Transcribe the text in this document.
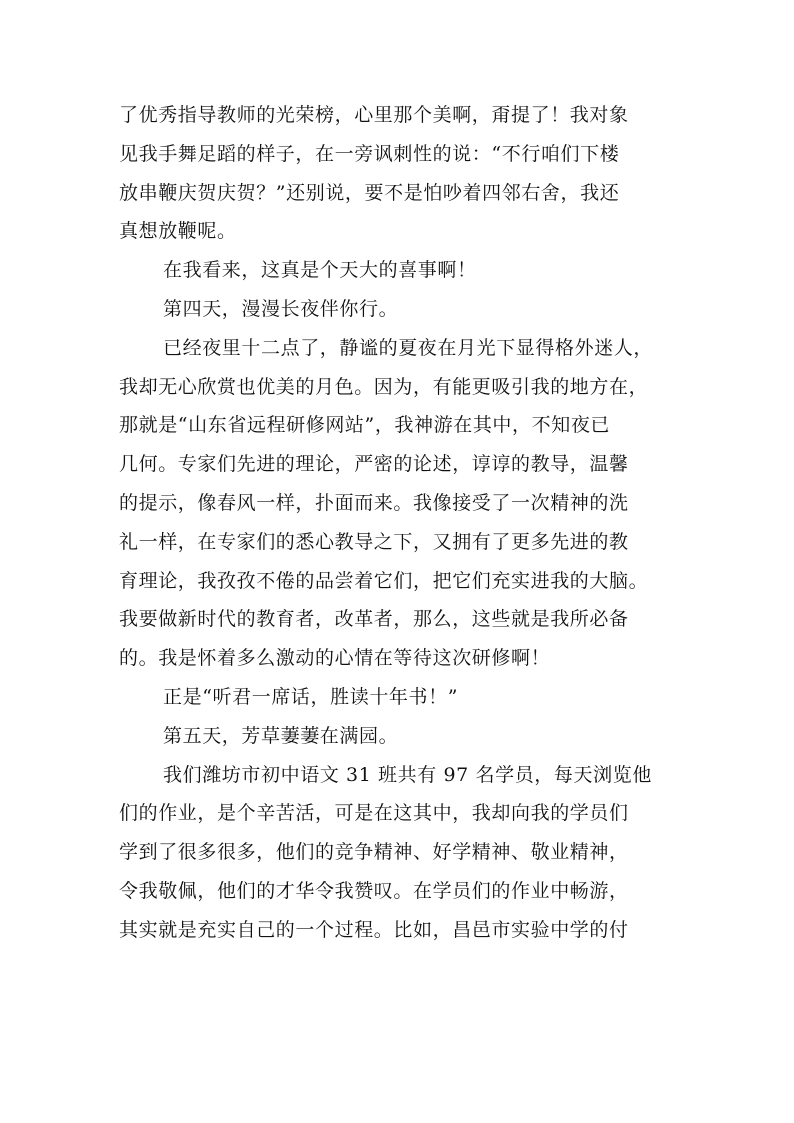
了优秀指导教师的光荣榜，心里那个美啊，甭提了！我对象
见我手舞足蹈的样子，在一旁讽刺性的说：“不行咱们下楼
放串鞭庆贺庆贺？”还别说，要不是怕吵着四邻右舍，我还
真想放鞭呢。
在我看来，这真是个天大的喜事啊！
第四天，漫漫长夜伴你行。
已经夜里十二点了，静谧的夏夜在月光下显得格外迷人，
我却无心欣赏也优美的月色。因为，有能更吸引我的地方在，
那就是“山东省远程研修网站”，我神游在其中，不知夜已
几何。专家们先进的理论，严密的论述，谆谆的教导，温馨
的提示，像春风一样，扑面而来。我像接受了一次精神的洗
礼一样，在专家们的悉心教导之下，又拥有了更多先进的教
育理论，我孜孜不倦的品尝着它们，把它们充实进我的大脑。
我要做新时代的教育者，改革者，那么，这些就是我所必备
的。我是怀着多么激动的心情在等待这次研修啊！
正是“听君一席话，胜读十年书！”
第五天，芳草萋萋在满园。
我们潍坊市初中语文 31 班共有 97 名学员，每天浏览他
们的作业，是个辛苦活，可是在这其中，我却向我的学员们
学到了很多很多，他们的竞争精神、好学精神、敬业精神，
令我敬佩，他们的才华令我赞叹。在学员们的作业中畅游，
其实就是充实自己的一个过程。比如，昌邑市实验中学的付
